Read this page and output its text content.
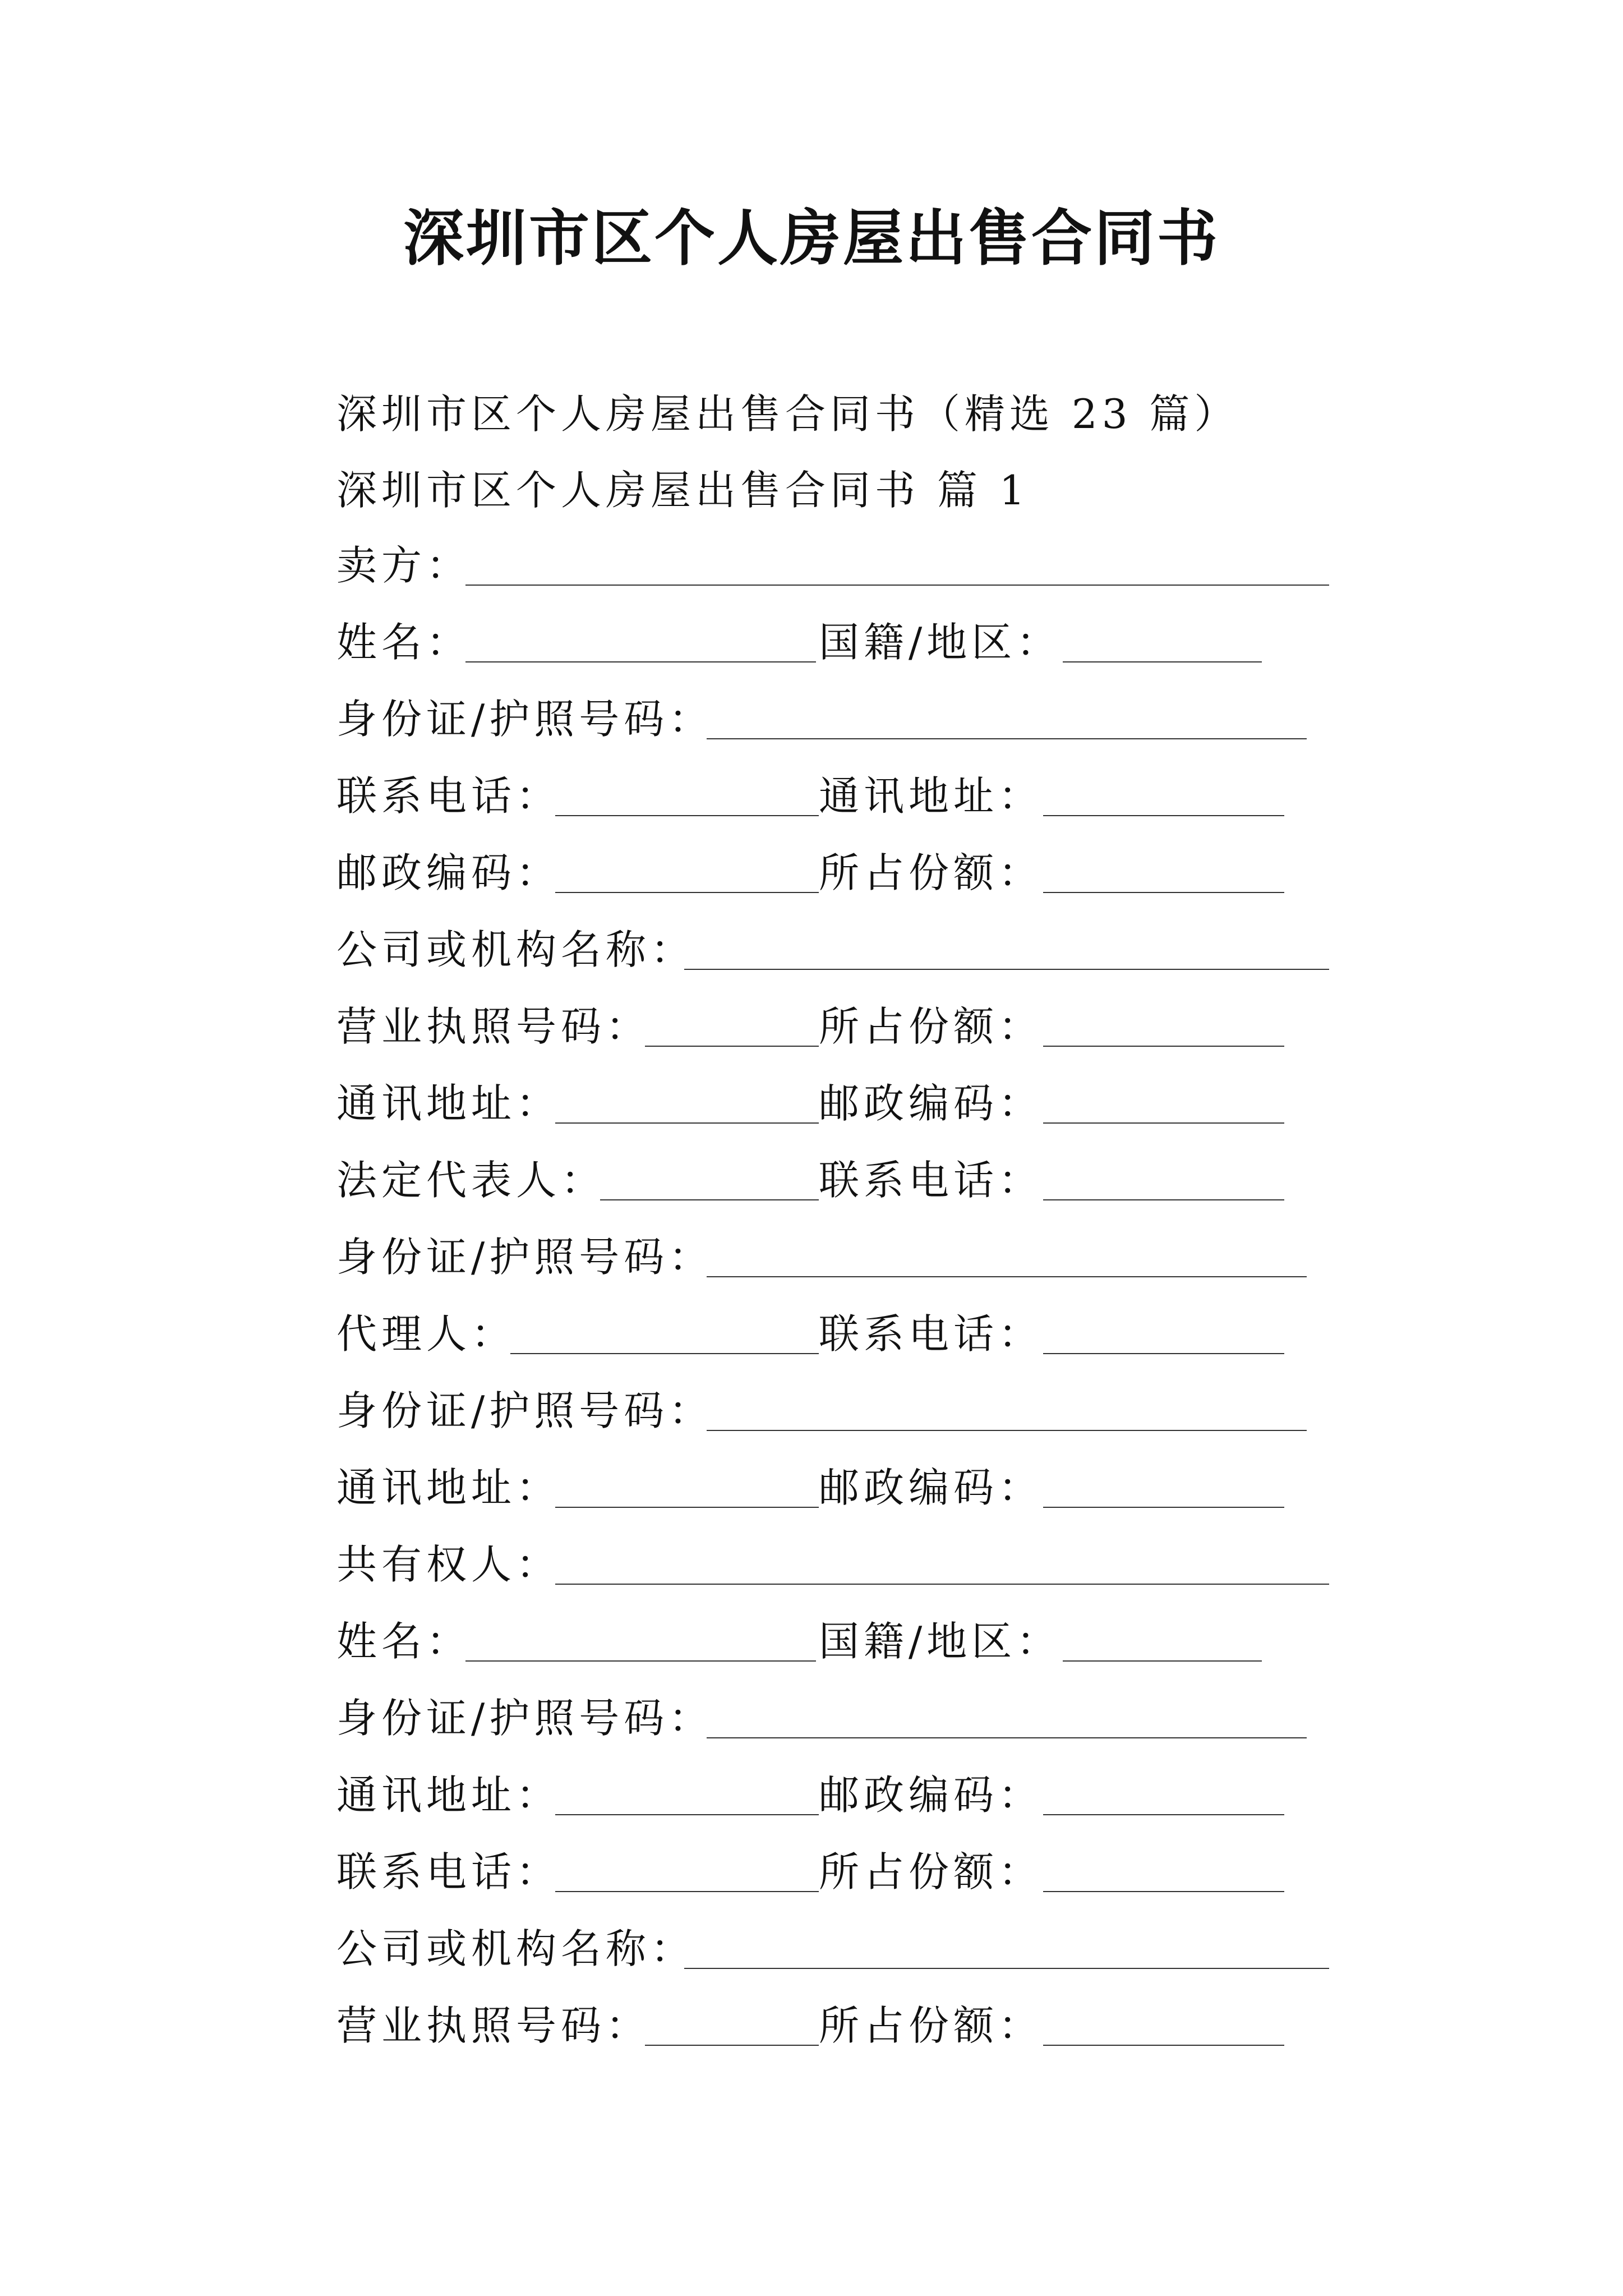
深圳市区个人房屋出售合同书
深圳市区个人房屋出售合同书（精选 23 篇）
深圳市区个人房屋出售合同书 篇 1
卖方：
姓名：	国籍/地区：
身份证/护照号码：
联系电话：	通讯地址：
邮政编码：	所占份额：
公司或机构名称：
营业执照号码：	所占份额：
通讯地址：	邮政编码：
法定代表人：	联系电话：
身份证/护照号码：
代理人：	联系电话：
身份证/护照号码：
通讯地址：	邮政编码：
共有权人：
姓名：	国籍/地区：
身份证/护照号码：
通讯地址：	邮政编码：
联系电话：	所占份额：
公司或机构名称：
营业执照号码：	所占份额：
